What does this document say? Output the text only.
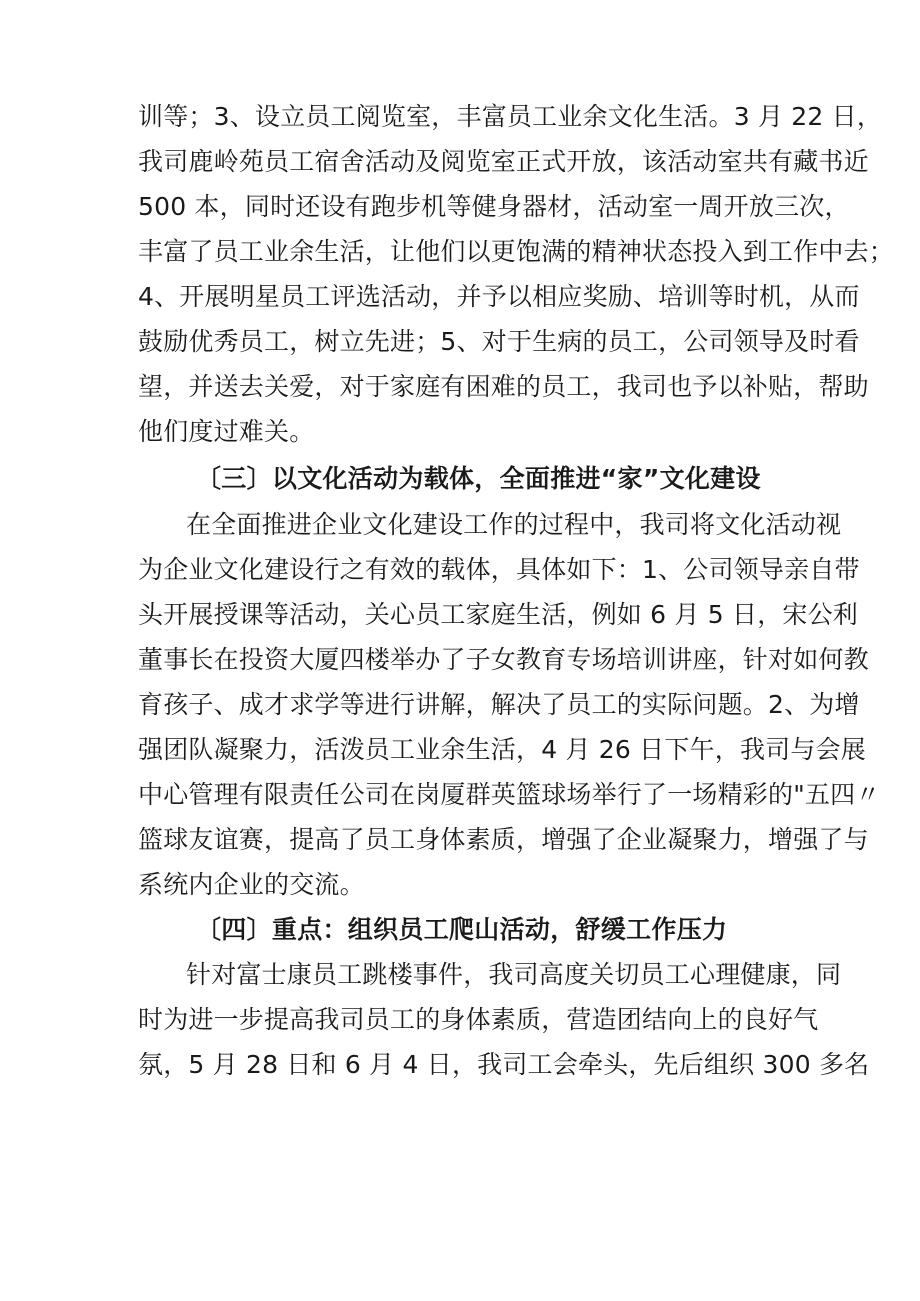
训等；3、设立员工阅览室，丰富员工业余文化生活。3 月 22 日，
我司鹿岭苑员工宿舍活动及阅览室正式开放，该活动室共有藏书近
500 本，同时还设有跑步机等健身器材，活动室一周开放三次，
丰富了员工业余生活，让他们以更饱满的精神状态投入到工作中去；
4、开展明星员工评选活动，并予以相应奖励、培训等时机，从而
鼓励优秀员工，树立先进；5、对于生病的员工，公司领导及时看
望，并送去关爱，对于家庭有困难的员工，我司也予以补贴，帮助
他们度过难关。
〔三〕以文化活动为载体，全面推进“家”文化建设
在全面推进企业文化建设工作的过程中，我司将文化活动视
为企业文化建设行之有效的载体，具体如下：1、公司领导亲自带
头开展授课等活动，关心员工家庭生活，例如 6 月 5 日，宋公利
董事长在投资大厦四楼举办了子女教育专场培训讲座，针对如何教
育孩子、成才求学等进行讲解，解决了员工的实际问题。2、为增
强团队凝聚力，活泼员工业余生活，4 月 26 日下午，我司与会展
中心管理有限责任公司在岗厦群英篮球场举行了一场精彩的"五四〃
篮球友谊赛，提高了员工身体素质，增强了企业凝聚力，增强了与
系统内企业的交流。
〔四〕重点：组织员工爬山活动，舒缓工作压力
针对富士康员工跳楼事件，我司高度关切员工心理健康，同
时为进一步提高我司员工的身体素质，营造团结向上的良好气
氛，5 月 28 日和 6 月 4 日，我司工会牵头，先后组织 300 多名
